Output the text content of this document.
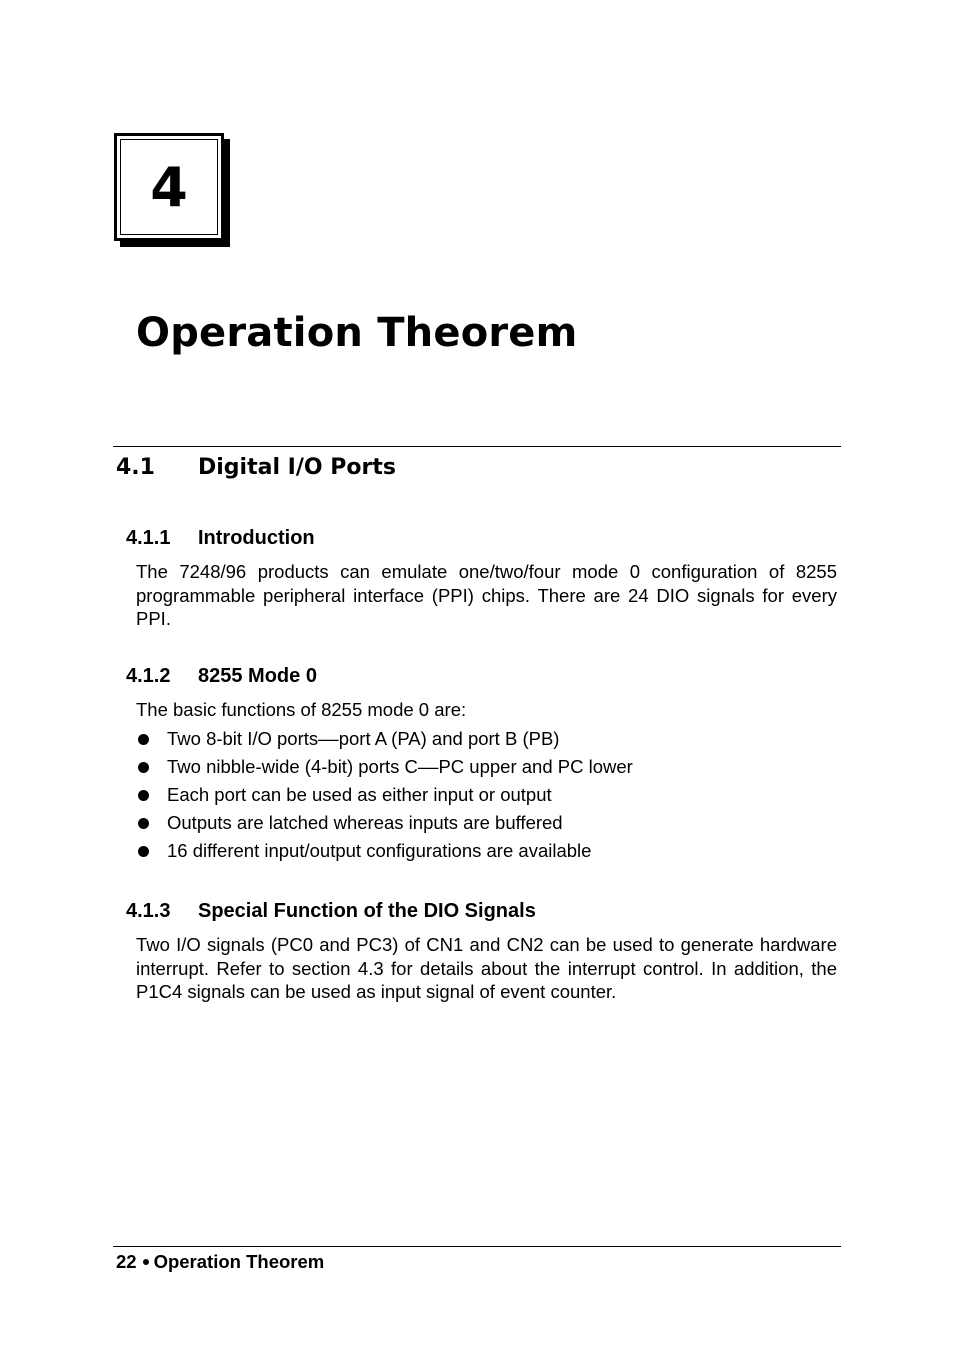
4
Operation Theorem
4.1 Digital I/O Ports
4.1.1 Introduction

The 7248/96 products can emulate one/two/four mode 0 configuration of 8255 programmable peripheral interface (PPI) chips. There are 24 DIO signals for every PPI.

4.1.2 8255 Mode 0

The basic functions of 8255 mode 0 are:

Two 8-bit I/O ports––port A (PA) and port B (PB)
Two nibble-wide (4-bit) ports C––PC upper and PC lower
Each port can be used as either input or output
Outputs are latched whereas inputs are buffered
16 different input/output configurations are available
4.1.3 Special Function of the DIO Signals

Two I/O signals (PC0 and PC3) of CN1 and CN2 can be used to generate hardware interrupt. Refer to section 4.3 for details about the interrupt control. In addition, the P1C4 signals can be used as input signal of event counter.

22 Operation Theorem
